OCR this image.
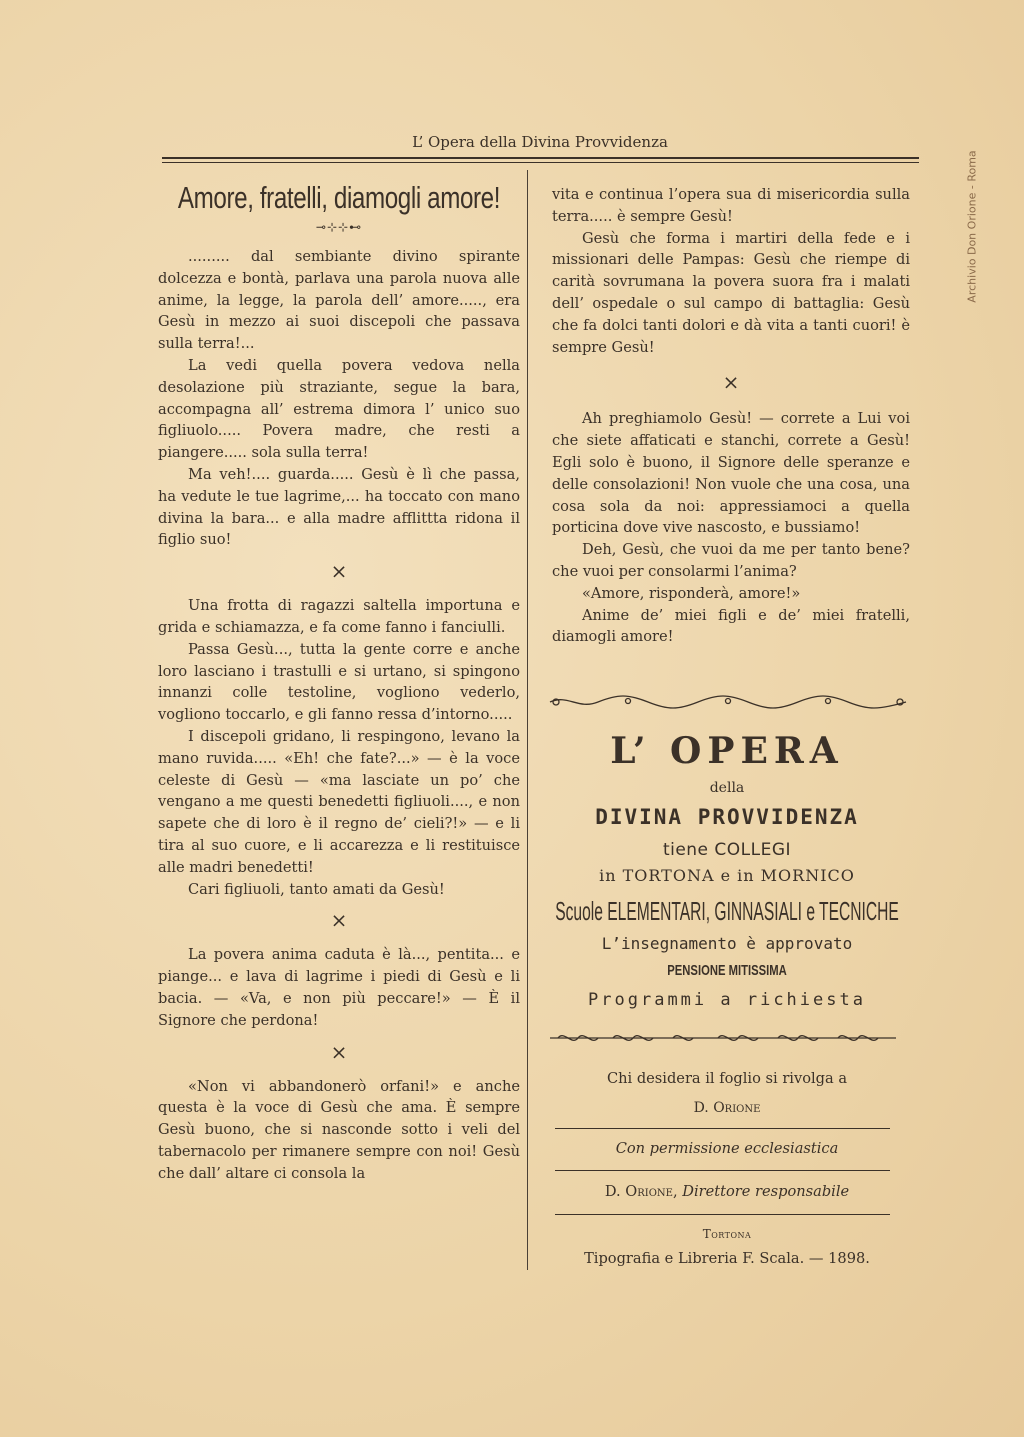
L’ Opera della Divina Provvidenza
Archivio Don Orione - Roma
Amore, fratelli, diamogli amore!
⊸⊹⊹⊷

......... dal sembiante divino spirante dolcezza e bontà, parlava una parola nuova alle anime, la legge, la parola dell’ amore....., era Gesù in mezzo ai suoi discepoli che passava sulla terra!...

La vedi quella povera vedova nella desolazione più straziante, segue la bara, accompagna all’ estrema dimora l’ unico suo figliuolo..... Povera madre, che resti a piangere..... sola sulla terra!

Ma veh!.... guarda..... Gesù è lì che passa, ha vedute le tue lagrime,... ha toccato con mano divina la bara... e alla madre afflittta ridona il figlio suo!

×

Una frotta di ragazzi saltella importuna e grida e schiamazza, e fa come fanno i fanciulli.

Passa Gesù..., tutta la gente corre e anche loro lasciano i trastulli e si urtano, si spingono innanzi colle testoline, vogliono vederlo, vogliono toccarlo, e gli fanno ressa d’intorno.....

I discepoli gridano, li respingono, levano la mano ruvida..... «Eh! che fate?...» — è la voce celeste di Gesù — «ma lasciate un po’ che vengano a me questi benedetti figliuoli...., e non sapete che di loro è il regno de’ cieli?!» — e li tira al suo cuore, e li accarezza e li restituisce alle madri benedetti!

Cari figliuoli, tanto amati da Gesù!

×

La povera anima caduta è là..., pentita... e piange... e lava di lagrime i piedi di Gesù e li bacia. — «Va, e non più peccare!» — È il Signore che perdona!

×

«Non vi abbandonerò orfani!» e anche questa è la voce di Gesù che ama. È sempre Gesù buono, che si nasconde sotto i veli del tabernacolo per rimanere sempre con noi! Gesù che dall’ altare ci consola la

vita e continua l’opera sua di misericordia sulla terra..... è sempre Gesù!

Gesù che forma i martiri della fede e i missionari delle Pampas: Gesù che riempe di carità sovrumana la povera suora fra i malati dell’ ospedale o sul campo di battaglia: Gesù che fa dolci tanti dolori e dà vita a tanti cuori! è sempre Gesù!

×

Ah preghiamolo Gesù! — correte a Lui voi che siete affaticati e stanchi, correte a Gesù! Egli solo è buono, il Signore delle speranze e delle consolazioni! Non vuole che una cosa, una cosa sola da noi: appressiamoci a quella porticina dove vive nascosto, e bussiamo!

Deh, Gesù, che vuoi da me per tanto bene? che vuoi per consolarmi l’anima?

«Amore, risponderà, amore!»

Anime de’ miei figli e de’ miei fratelli, diamogli amore!

L’ OPERA
della
DIVINA PROVVIDENZA
tiene COLLEGI
in TORTONA e in MORNICO
Scuole ELEMENTARI, GINNASIALI e TECNICHE
L’insegnamento è approvato
PENSIONE MITISSIMA
Programmi a richiesta
Chi desidera il foglio si rivolga a
D. Orione
Con permissione ecclesiastica
D. Orione, Direttore responsabile
Tortona
Tipografia e Libreria F. Scala. — 1898.
